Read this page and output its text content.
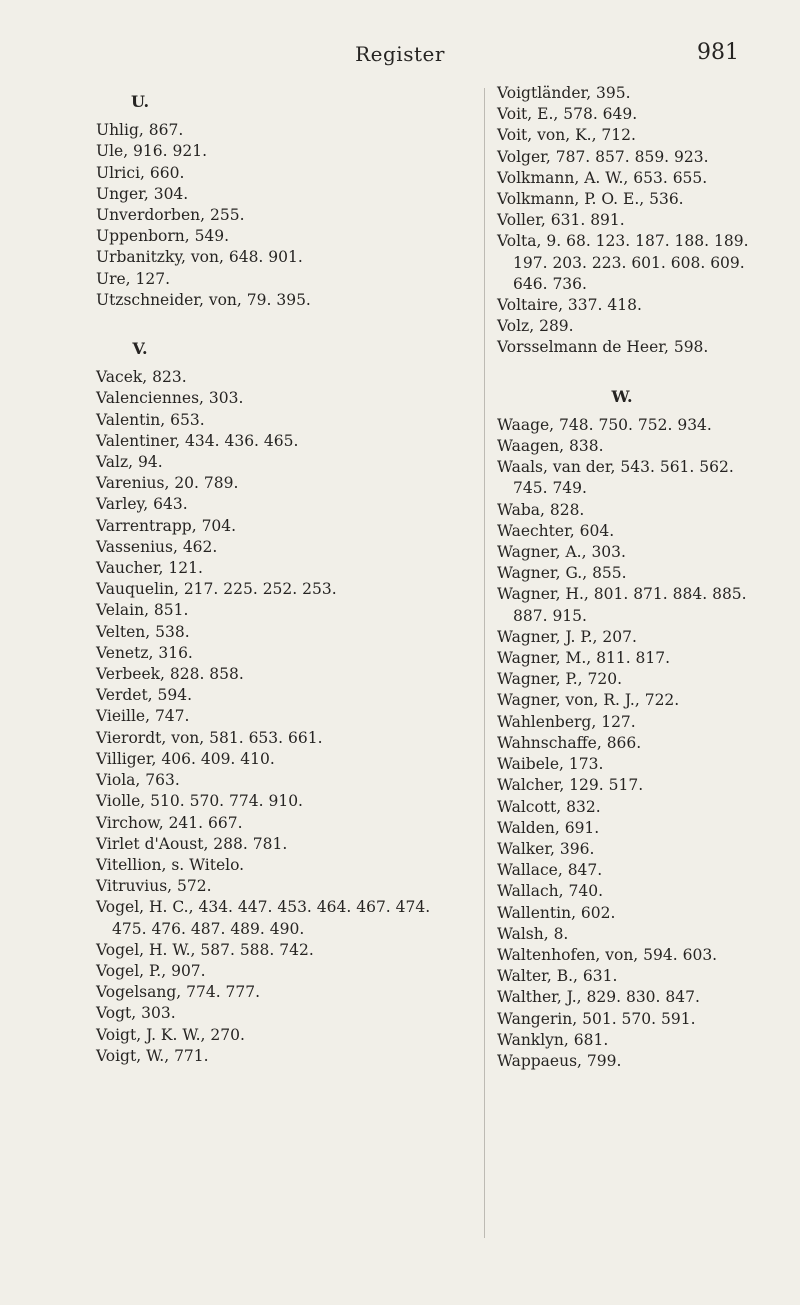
Register	981
U.
Uhlig, 867.
Ule, 916. 921.
Ulrici, 660.
Unger, 304.
Unverdorben, 255.
Uppenborn, 549.
Urbanitzky, von, 648. 901.
Ure, 127.
Utzschneider, von, 79. 395.
V.
Vacek, 823.
Valenciennes, 303.
Valentin, 653.
Valentiner, 434. 436. 465.
Valz, 94.
Varenius, 20. 789.
Varley, 643.
Varrentrapp, 704.
Vassenius, 462.
Vaucher, 121.
Vauquelin, 217. 225. 252. 253.
Velain, 851.
Velten, 538.
Venetz, 316.
Verbeek, 828. 858.
Verdet, 594.
Vieille, 747.
Vierordt, von, 581. 653. 661.
Villiger, 406. 409. 410.
Viola, 763.
Violle, 510. 570. 774. 910.
Virchow, 241. 667.
Virlet d'Aoust, 288. 781.
Vitellion, s. Witelo.
Vitruvius, 572.
Vogel, H. C., 434. 447. 453. 464. 467. 474. 475. 476. 487. 489. 490.
Vogel, H. W., 587. 588. 742.
Vogel, P., 907.
Vogelsang, 774. 777.
Vogt, 303.
Voigt, J. K. W., 270.
Voigt, W., 771.
Voigtländer, 395.
Voit, E., 578. 649.
Voit, von, K., 712.
Volger, 787. 857. 859. 923.
Volkmann, A. W., 653. 655.
Volkmann, P. O. E., 536.
Voller, 631. 891.
Volta, 9. 68. 123. 187. 188. 189. 197. 203. 223. 601. 608. 609. 646. 736.
Voltaire, 337. 418.
Volz, 289.
Vorsselmann de Heer, 598.
W.
Waage, 748. 750. 752. 934.
Waagen, 838.
Waals, van der, 543. 561. 562. 745. 749.
Waba, 828.
Waechter, 604.
Wagner, A., 303.
Wagner, G., 855.
Wagner, H., 801. 871. 884. 885. 887. 915.
Wagner, J. P., 207.
Wagner, M., 811. 817.
Wagner, P., 720.
Wagner, von, R. J., 722.
Wahlenberg, 127.
Wahnschaffe, 866.
Waibele, 173.
Walcher, 129. 517.
Walcott, 832.
Walden, 691.
Walker, 396.
Wallace, 847.
Wallach, 740.
Wallentin, 602.
Walsh, 8.
Waltenhofen, von, 594. 603.
Walter, B., 631.
Walther, J., 829. 830. 847.
Wangerin, 501. 570. 591.
Wanklyn, 681.
Wappaeus, 799.
